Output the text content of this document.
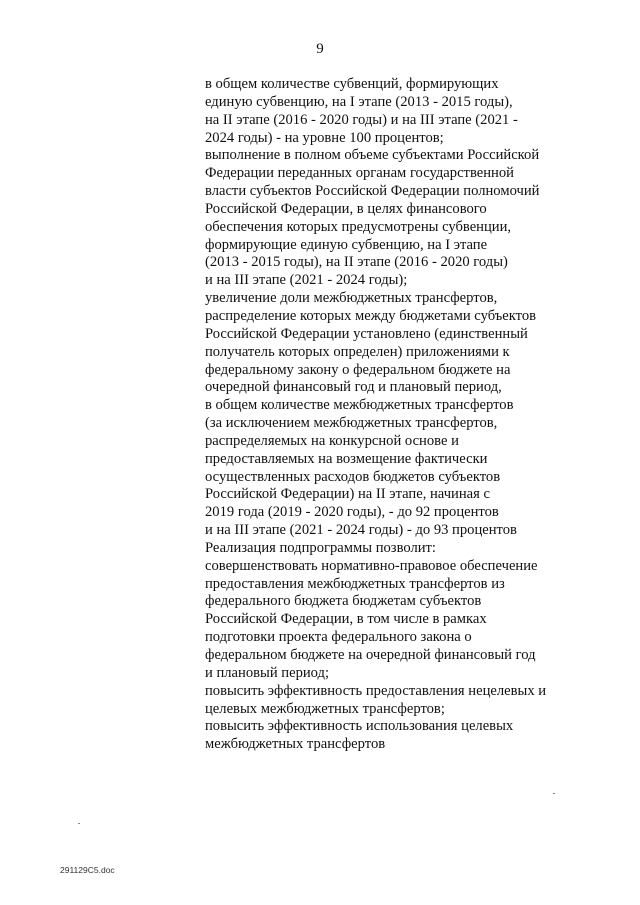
9
в общем количестве субвенций, формирующих
единую субвенцию, на I этапе (2013 - 2015 годы),
на II этапе (2016 - 2020 годы) и на III этапе (2021 -
2024 годы) - на уровне 100 процентов;
выполнение в полном объеме субъектами Российской
Федерации переданных органам государственной
власти субъектов Российской Федерации полномочий
Российской Федерации, в целях финансового
обеспечения которых предусмотрены субвенции,
формирующие единую субвенцию, на I этапе
(2013 - 2015 годы), на II этапе (2016 - 2020 годы)
и на III этапе (2021 - 2024 годы);
увеличение доли межбюджетных трансфертов,
распределение которых между бюджетами субъектов
Российской Федерации установлено (единственный
получатель которых определен) приложениями к
федеральному закону о федеральном бюджете на
очередной финансовый год и плановый период,
в общем количестве межбюджетных трансфертов
(за исключением межбюджетных трансфертов,
распределяемых на конкурсной основе и
предоставляемых на возмещение фактически
осуществленных расходов бюджетов субъектов
Российской Федерации) на II этапе, начиная с
2019 года (2019 - 2020 годы), - до 92 процентов
и на III этапе (2021 - 2024 годы) - до 93 процентов
Реализация подпрограммы позволит:
совершенствовать нормативно-правовое обеспечение
предоставления межбюджетных трансфертов из
федерального бюджета бюджетам субъектов
Российской Федерации, в том числе в рамках
подготовки проекта федерального закона о
федеральном бюджете на очередной финансовый год
и плановый период;
повысить эффективность предоставления нецелевых и
целевых межбюджетных трансфертов;
повысить эффективность использования целевых
межбюджетных трансфертов
291129С5.doc
